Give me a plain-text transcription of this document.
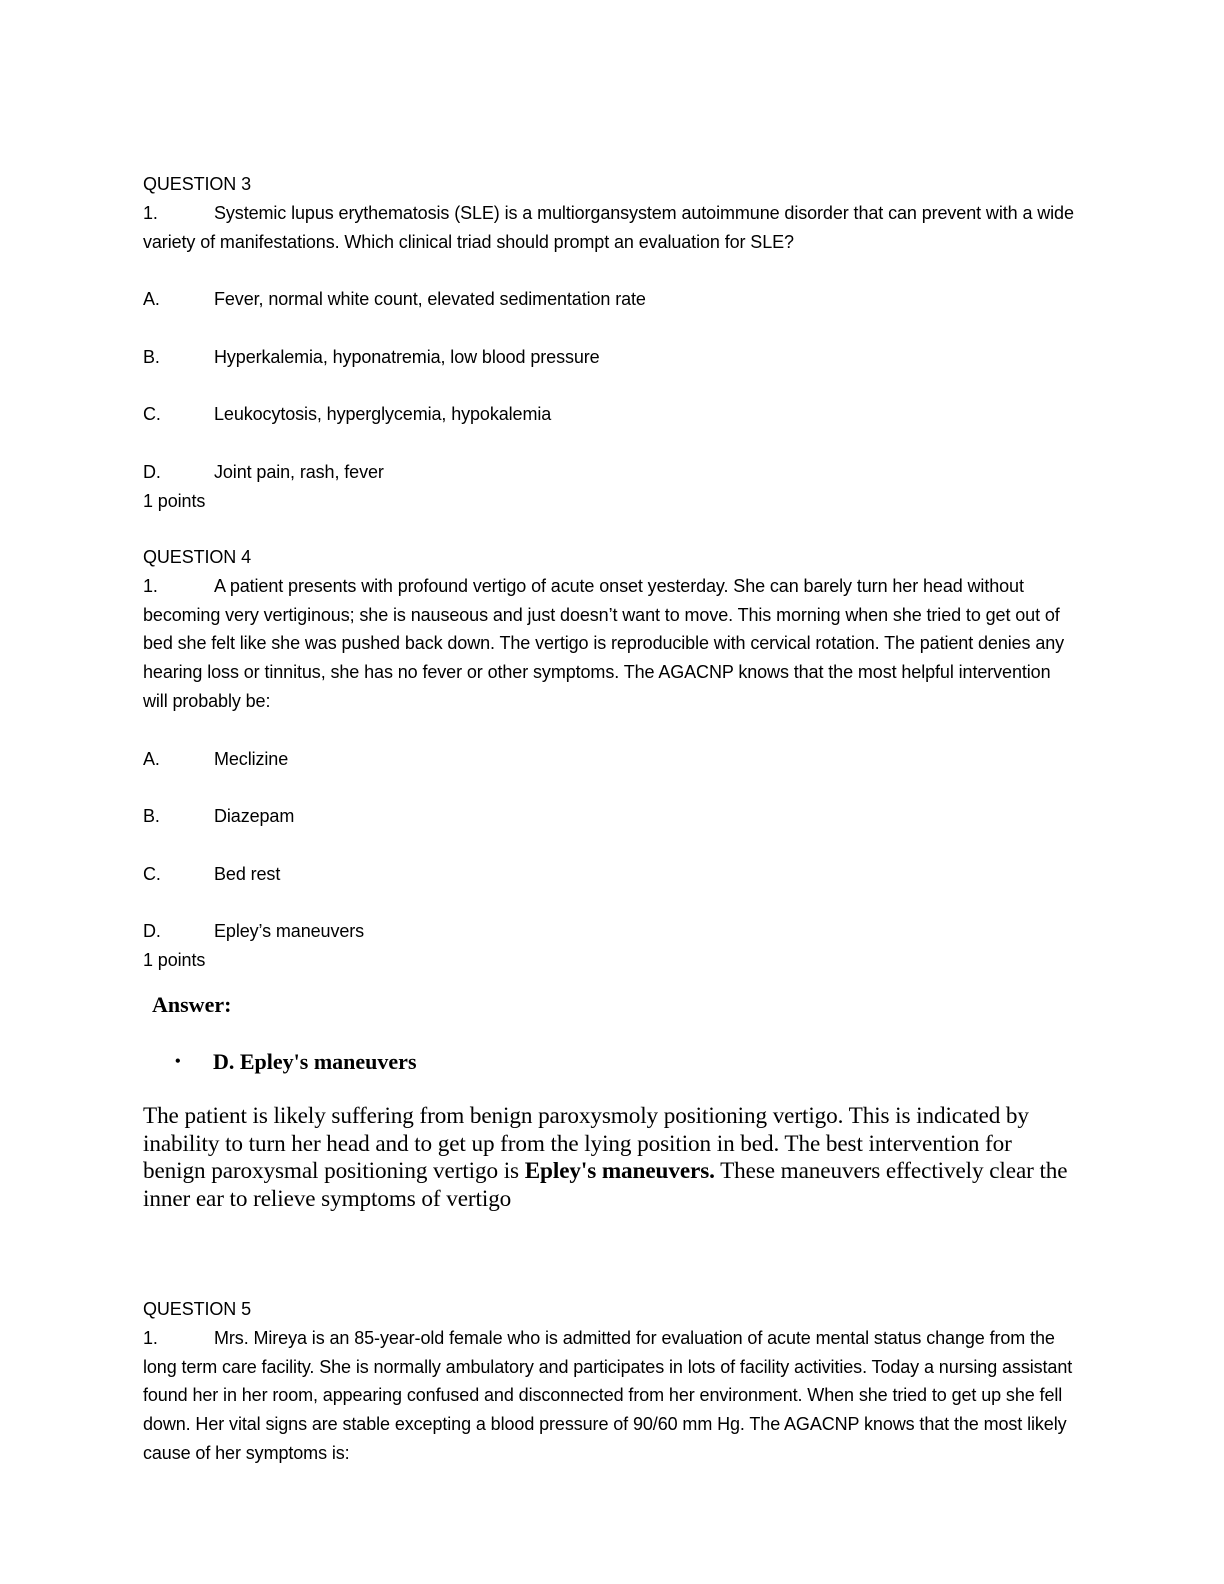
QUESTION 3

1.	Systemic lupus erythematosis (SLE) is a multiorgansystem autoimmune disorder that can prevent with a wide variety of manifestations. Which clinical triad should prompt an evaluation for SLE?

A.	Fever, normal white count, elevated sedimentation rate

B.	Hyperkalemia, hyponatremia, low blood pressure

C.	Leukocytosis, hyperglycemia, hypokalemia

D.	Joint pain, rash, fever

1 points

QUESTION 4

1.	A patient presents with profound vertigo of acute onset yesterday. She can barely turn her head without becoming very vertiginous; she is nauseous and just doesn’t want to move. This morning when she tried to get out of bed she felt like she was pushed back down. The vertigo is reproducible with cervical rotation. The patient denies any hearing loss or tinnitus, she has no fever or other symptoms. The AGACNP knows that the most helpful intervention will probably be:

A.	Meclizine

B.	Diazepam

C.	Bed rest

D.	Epley’s maneuvers

1 points

Answer:

•	D. Epley's maneuvers

The patient is likely suffering from benign paroxysmoly positioning vertigo. This is indicated by inability to turn her head and to get up from the lying position in bed. The best intervention for benign paroxysmal positioning vertigo is Epley's maneuvers. These maneuvers effectively clear the inner ear to relieve symptoms of vertigo

QUESTION 5

1.	Mrs. Mireya is an 85-year-old female who is admitted for evaluation of acute mental status change from the long term care facility. She is normally ambulatory and participates in lots of facility activities. Today a nursing assistant found her in her room, appearing confused and disconnected from her environment. When she tried to get up she fell down. Her vital signs are stable excepting a blood pressure of 90/60 mm Hg. The AGACNP knows that the most likely cause of her symptoms is:
